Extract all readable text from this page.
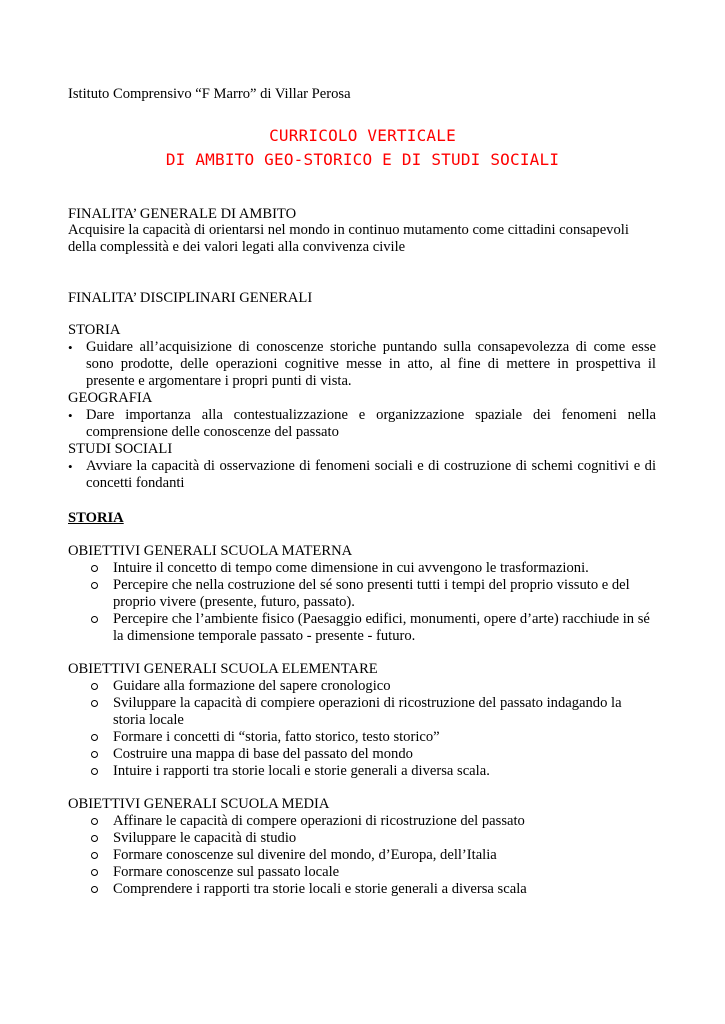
Istituto Comprensivo “F Marro” di Villar Perosa
CURRICOLO VERTICALE
DI AMBITO GEO-STORICO E DI STUDI SOCIALI
FINALITA’ GENERALE DI AMBITO
Acquisire la capacità di orientarsi nel mondo in continuo mutamento come cittadini consapevoli
della complessità e dei valori legati alla convivenza civile
FINALITA’ DISCIPLINARI GENERALI
STORIA
• Guidare all’acquisizione di conoscenze storiche puntando sulla consapevolezza di come esse
sono prodotte, delle operazioni cognitive messe in atto, al fine di mettere in prospettiva il
presente e argomentare i propri punti di vista.
GEOGRAFIA
• Dare importanza alla contestualizzazione e organizzazione spaziale dei fenomeni nella
comprensione delle conoscenze del passato
STUDI SOCIALI
• Avviare la capacità di osservazione di fenomeni sociali e di costruzione di schemi cognitivi e di
concetti fondanti
STORIA
OBIETTIVI GENERALI SCUOLA MATERNA
Intuire il concetto di tempo come dimensione in cui avvengono le trasformazioni.
Percepire che nella costruzione del sé sono presenti tutti i tempi del proprio vissuto e del
proprio vivere (presente, futuro, passato).
Percepire che l’ambiente fisico (Paesaggio edifici, monumenti, opere d’arte) racchiude in sé
la dimensione temporale passato - presente - futuro.
OBIETTIVI GENERALI SCUOLA ELEMENTARE
Guidare alla formazione del sapere cronologico
Sviluppare la capacità di compiere operazioni di ricostruzione del passato indagando la
storia locale
Formare i concetti di “storia, fatto storico, testo storico”
Costruire una mappa di base del passato del mondo
Intuire i rapporti tra storie locali e storie generali a diversa scala.
OBIETTIVI GENERALI SCUOLA MEDIA
Affinare le capacità di compere operazioni di ricostruzione del passato
Sviluppare le capacità di studio
Formare conoscenze sul divenire del mondo, d’Europa, dell’Italia
Formare conoscenze sul passato locale
Comprendere i rapporti tra storie locali e storie generali a diversa scala
